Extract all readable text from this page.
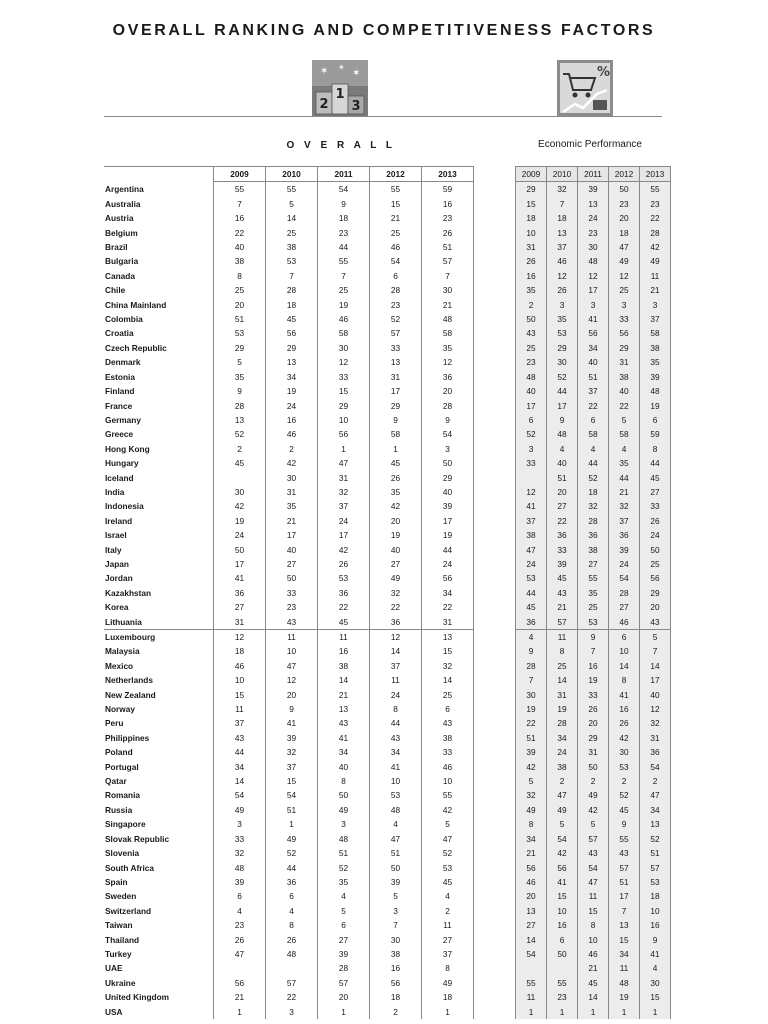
OVERALL RANKING AND COMPETITIVENESS FACTORS
✶ ✶
✶
2
1
3
%
O V E R A L L	Economic Performance
	2009	2010	2011	2012	2013
Argentina	55	55	54	55	59
Australia	7	5	9	15	16
Austria	16	14	18	21	23
Belgium	22	25	23	25	26
Brazil	40	38	44	46	51
Bulgaria	38	53	55	54	57
Canada	8	7	7	6	7
Chile	25	28	25	28	30
China Mainland	20	18	19	23	21
Colombia	51	45	46	52	48
Croatia	53	56	58	57	58
Czech Republic	29	29	30	33	35
Denmark	5	13	12	13	12
Estonia	35	34	33	31	36
Finland	9	19	15	17	20
France	28	24	29	29	28
Germany	13	16	10	9	9
Greece	52	46	56	58	54
Hong Kong	2	2	1	1	3
Hungary	45	42	47	45	50
Iceland		30	31	26	29
India	30	31	32	35	40
Indonesia	42	35	37	42	39
Ireland	19	21	24	20	17
Israel	24	17	17	19	19
Italy	50	40	42	40	44
Japan	17	27	26	27	24
Jordan	41	50	53	49	56
Kazakhstan	36	33	36	32	34
Korea	27	23	22	22	22
Lithuania	31	43	45	36	31
Luxembourg	12	11	11	12	13
Malaysia	18	10	16	14	15
Mexico	46	47	38	37	32
Netherlands	10	12	14	11	14
New Zealand	15	20	21	24	25
Norway	11	9	13	8	6
Peru	37	41	43	44	43
Philippines	43	39	41	43	38
Poland	44	32	34	34	33
Portugal	34	37	40	41	46
Qatar	14	15	8	10	10
Romania	54	54	50	53	55
Russia	49	51	49	48	42
Singapore	3	1	3	4	5
Slovak Republic	33	49	48	47	47
Slovenia	32	52	51	51	52
South Africa	48	44	52	50	53
Spain	39	36	35	39	45
Sweden	6	6	4	5	4
Switzerland	4	4	5	3	2
Taiwan	23	8	6	7	11
Thailand	26	26	27	30	27
Turkey	47	48	39	38	37
UAE			28	16	8
Ukraine	56	57	57	56	49
United Kingdom	21	22	20	18	18
USA	1	3	1	2	1
2009	2010	2011	2012	2013
29	32	39	50	55
15	7	13	23	23
18	18	24	20	22
10	13	23	18	28
31	37	30	47	42
26	46	48	49	49
16	12	12	12	11
35	26	17	25	21
2	3	3	3	3
50	35	41	33	37
43	53	56	56	58
25	29	34	29	38
23	30	40	31	35
48	52	51	38	39
40	44	37	40	48
17	17	22	22	19
6	9	6	5	6
52	48	58	58	59
3	4	4	4	8
33	40	44	35	44
	51	52	44	45
12	20	18	21	27
41	27	32	32	33
37	22	28	37	26
38	36	36	36	24
47	33	38	39	50
24	39	27	24	25
53	45	55	54	56
44	43	35	28	29
45	21	25	27	20
36	57	53	46	43
4	11	9	6	5
9	8	7	10	7
28	25	16	14	14
7	14	19	8	17
30	31	33	41	40
19	19	26	16	12
22	28	20	26	32
51	34	29	42	31
39	24	31	30	36
42	38	50	53	54
5	2	2	2	2
32	47	49	52	47
49	49	42	45	34
8	5	5	9	13
34	54	57	55	52
21	42	43	43	51
56	56	54	57	57
46	41	47	51	53
20	15	11	17	18
13	10	15	7	10
27	16	8	13	16
14	6	10	15	9
54	50	46	34	41
		21	11	4
55	55	45	48	30
11	23	14	19	15
1	1	1	1	1
